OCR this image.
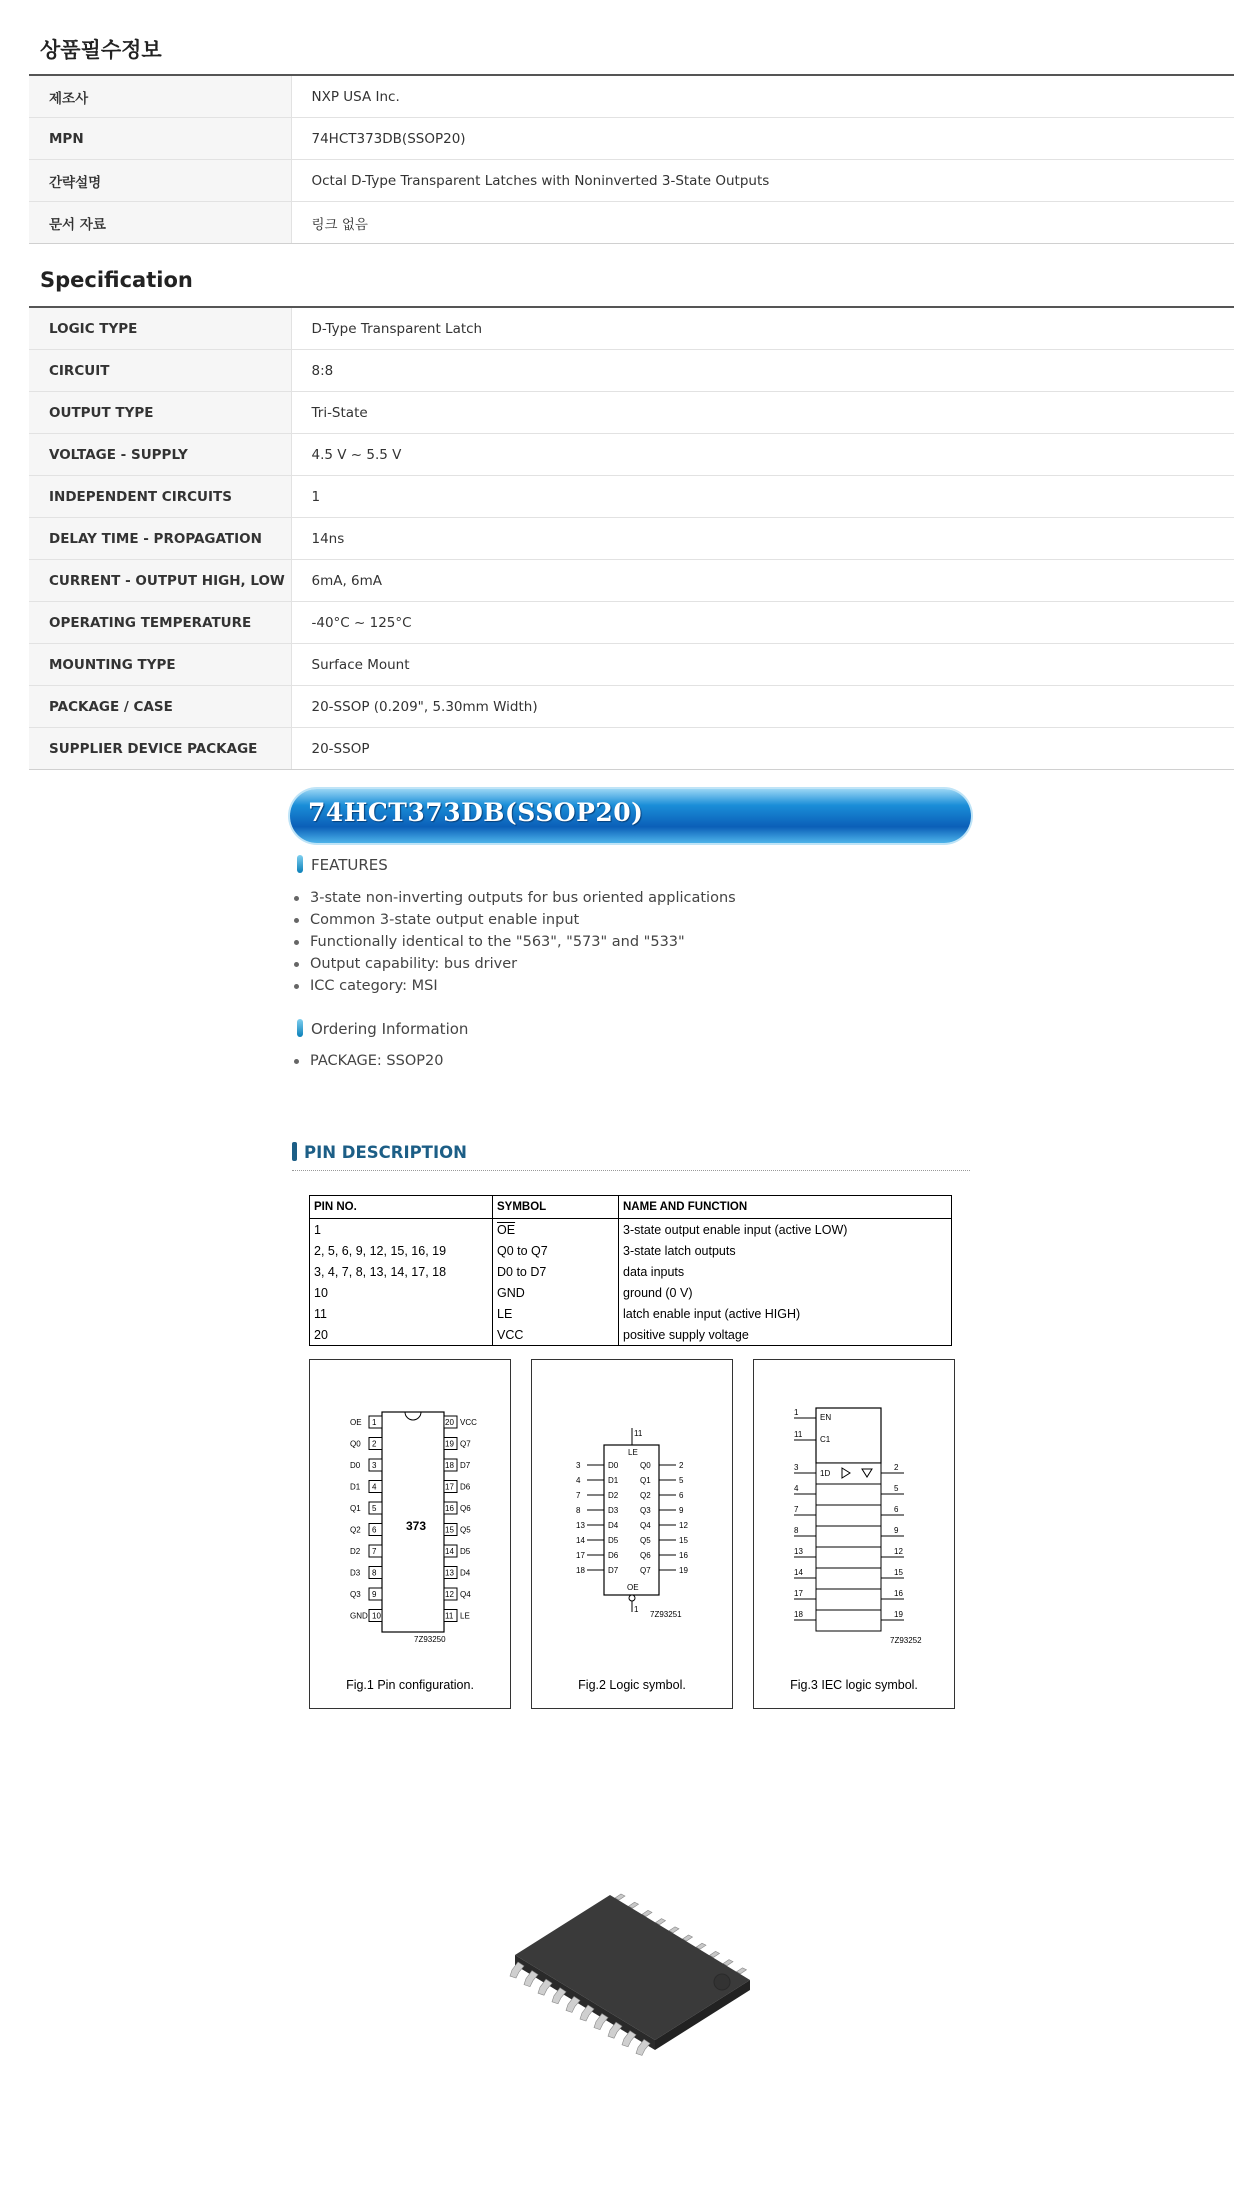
상품필수정보
제조사	NXP USA Inc.
MPN	74HCT373DB(SSOP20)
간략설명	Octal D-Type Transparent Latches with Noninverted 3-State Outputs
문서 자료	링크 없음
Specification
LOGIC TYPE	D-Type Transparent Latch
CIRCUIT	8:8
OUTPUT TYPE	Tri-State
VOLTAGE - SUPPLY	4.5 V ~ 5.5 V
INDEPENDENT CIRCUITS	1
DELAY TIME - PROPAGATION	14ns
CURRENT - OUTPUT HIGH, LOW	6mA, 6mA
OPERATING TEMPERATURE	-40°C ~ 125°C
MOUNTING TYPE	Surface Mount
PACKAGE / CASE	20-SSOP (0.209", 5.30mm Width)
SUPPLIER DEVICE PACKAGE	20-SSOP
74HCT373DB(SSOP20)
FEATURES
3-state non-inverting outputs for bus oriented applications
Common 3-state output enable input
Functionally identical to the "563", "573" and "533"
Output capability: bus driver
ICC category: MSI
Ordering Information
PACKAGE: SSOP20
PIN DESCRIPTION
PIN NO.	SYMBOL	NAME AND FUNCTION
1	$\overline{OE}$	3-state output enable input (active LOW)
2, 5, 6, 9, 12, 15, 16, 19	Q0 to Q7	3-state latch outputs
3, 4, 7, 8, 13, 14, 17, 18	D0 to D7	data inputs
10	GND	ground (0 V)
11	LE	latch enable input (active HIGH)
20	VCC	positive supply voltage
373
1
OE	20 VCC
2
Q0	19 Q7
3
D0	18 D7
4
D1	17 D6
5
Q1	16 Q6
6
Q2	15 Q5
7
D2	14 D5
8
D3	13 D4
9
Q3	12 Q4
10
GND	11 LE
7Z93250
Fig.1 Pin configuration.
11
LE
3	D0	Q0	2
4	D1	Q1	5
7	D2	Q2	6
8	D3	Q3	9
13	D4	Q4	12
14	D5	Q5	15
17	D6	Q6	16
18	D7	Q7	19
OE
1
7Z93251
Fig.2 Logic symbol.
EN
C1
1
11
3	2
4	5
7	6
8	9
13	12
14	15
17	16
18	19
1D
7Z93252
Fig.3 IEC logic symbol.
